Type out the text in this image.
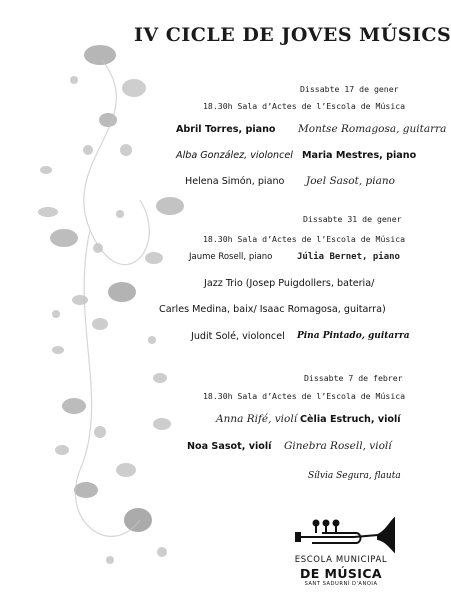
IV CICLE DE JOVES MÚSICS
Dissabte 17 de gener
18.30h Sala d’Actes de l’Escola de Música
Abril Torres, piano Montse Romagosa, guitarra
Alba González, violoncel Maria Mestres, piano
Helena Simón, piano Joel Sasot, piano
Dissabte 31 de gener
18.30h Sala d’Actes de l’Escola de Música
Jaume Rosell, piano	Júlia Bernet, piano
Jazz Trio (Josep Puigdollers, bateria/
Carles Medina, baix/ Isaac Romagosa, guitarra)
Judit Solé, violoncel Pina Pintado, guitarra
Dissabte 7 de febrer
18.30h Sala d’Actes de l’Escola de Música
Anna Rifé, violí Cèlia Estruch, violí
Noa Sasot, violí Ginebra Rosell, violí
Sílvia Segura, flauta
ESCOLA MUNICIPAL
DE MÚSICA
SANT SADURNÍ D'ANOIA
